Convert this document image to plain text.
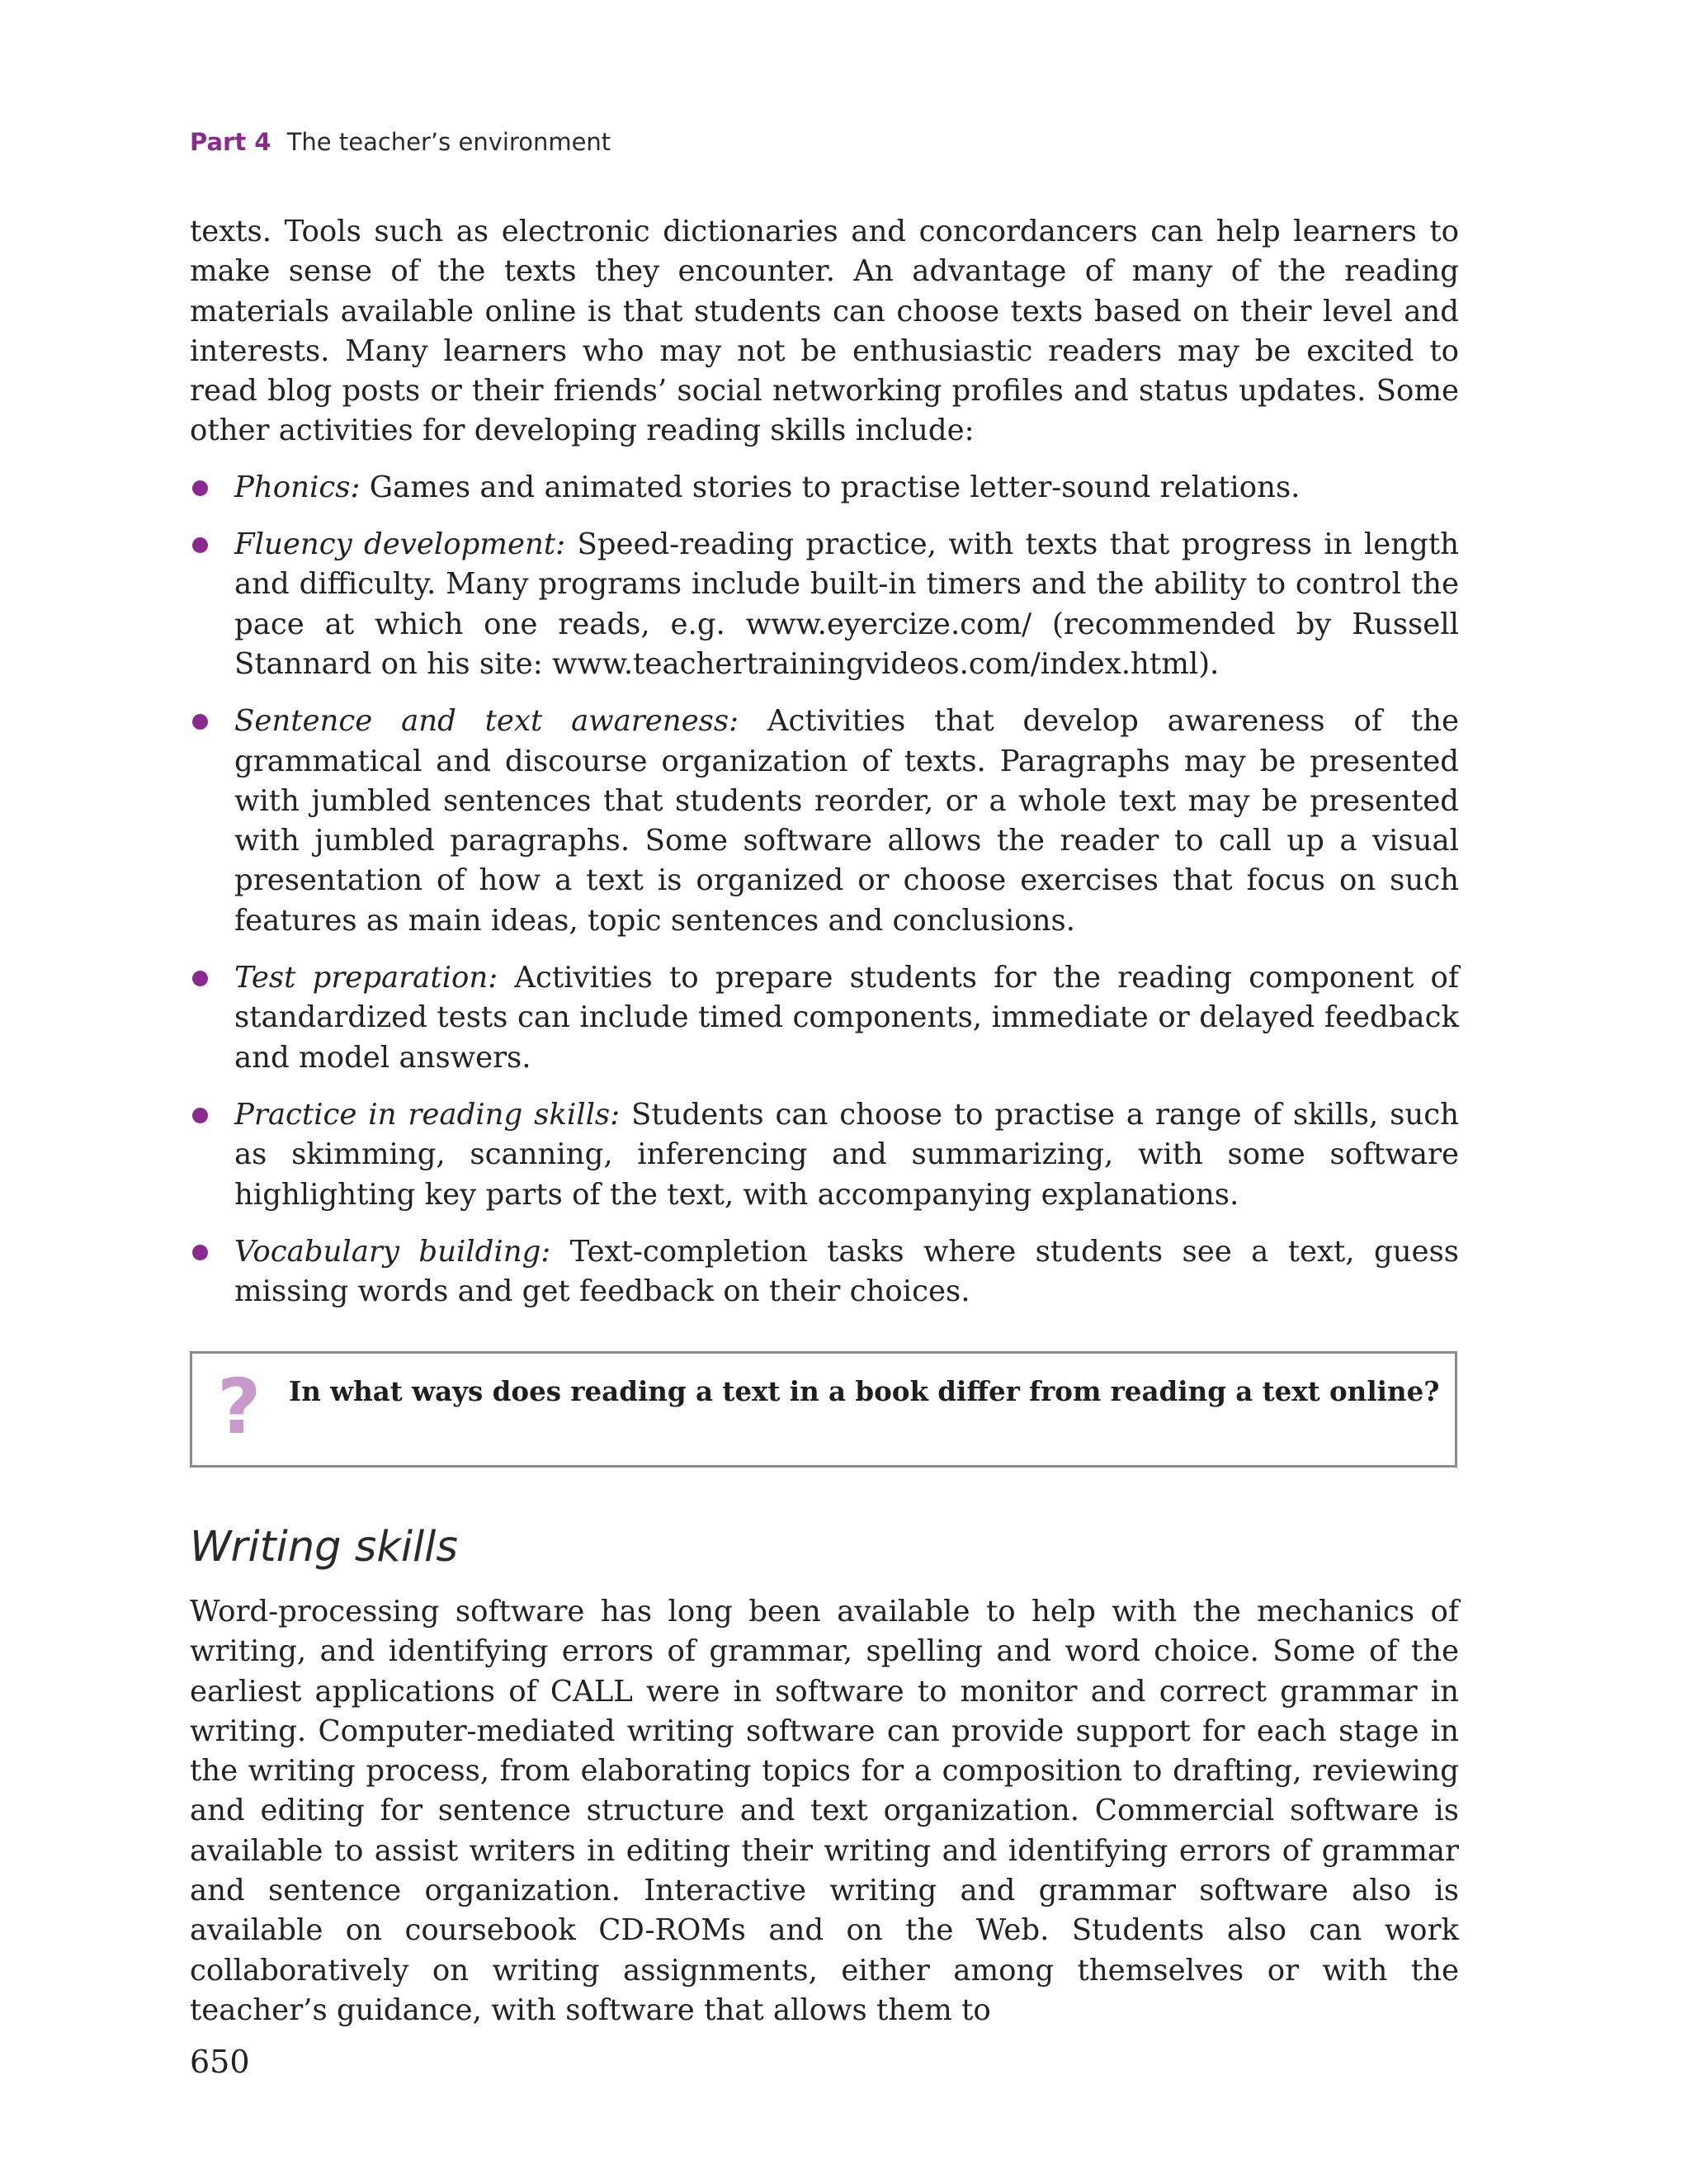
Part 4 The teacher’s environment

texts. Tools such as electronic dictionaries and concordancers can help learners to make sense of the texts they encounter. An advantage of many of the reading materials available online is that students can choose texts based on their level and interests. Many learners who may not be enthusiastic readers may be excited to read blog posts or their friends’ social networking profiles and status updates. Some other activities for developing reading skills include:

Phonics: Games and animated stories to practise letter-sound relations.
Fluency development: Speed-reading practice, with texts that progress in length and difficulty. Many programs include built-in timers and the ability to control the pace at which one reads, e.g. www.eyercize.com/ (recommended by Russell Stannard on his site: www.teachertrainingvideos.com/index.html).
Sentence and text awareness: Activities that develop awareness of the grammatical and discourse organization of texts. Paragraphs may be presented with jumbled sentences that students reorder, or a whole text may be presented with jumbled paragraphs. Some software allows the reader to call up a visual presentation of how a text is organized or choose exercises that focus on such features as main ideas, topic sentences and conclusions.
Test preparation: Activities to prepare students for the reading component of standardized tests can include timed components, immediate or delayed feedback and model answers.
Practice in reading skills: Students can choose to practise a range of skills, such as skimming, scanning, inferencing and summarizing, with some software highlighting key parts of the text, with accompanying explanations.
Vocabulary building: Text-completion tasks where students see a text, guess missing words and get feedback on their choices.
? In what ways does reading a text in a book differ from reading a text online?
Writing skills

Word-processing software has long been available to help with the mechanics of writing, and identifying errors of grammar, spelling and word choice. Some of the earliest applications of CALL were in software to monitor and correct grammar in writing. Computer-mediated writing software can provide support for each stage in the writing process, from elaborating topics for a composition to drafting, reviewing and editing for sentence structure and text organization. Commercial software is available to assist writers in editing their writing and identifying errors of grammar and sentence organization. Interactive writing and grammar software also is available on coursebook CD-ROMs and on the Web. Students also can work collaboratively on writing assignments, either among themselves or with the teacher’s guidance, with software that allows them to

650
